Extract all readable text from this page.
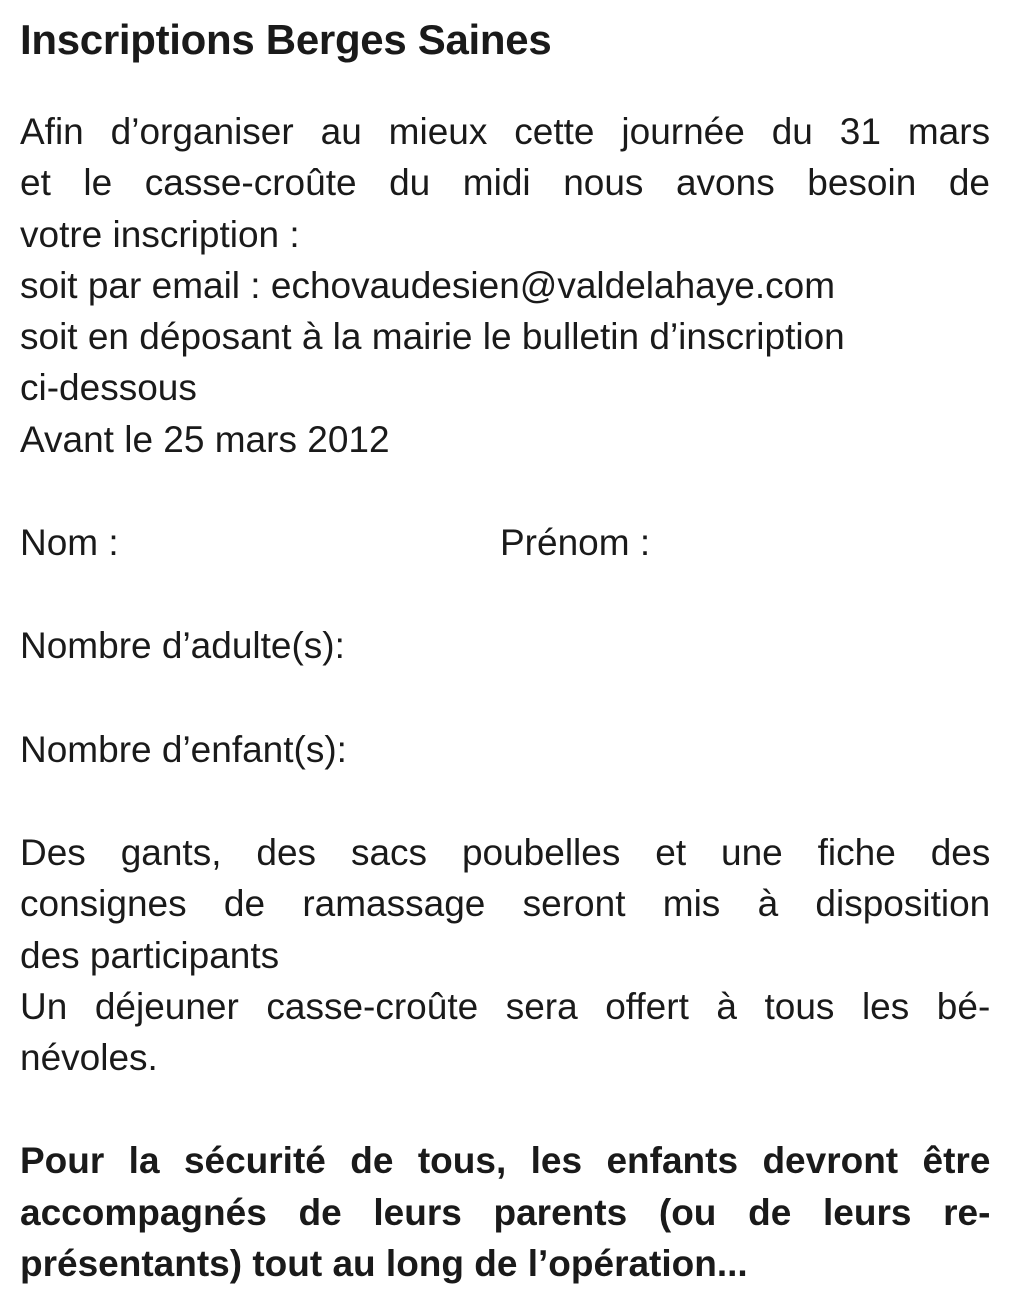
Inscriptions Berges Saines
Afin d’organiser au mieux cette journée du 31 mars
et le casse-croûte du midi nous avons besoin de
votre inscription :
soit par email : echovaudesien@valdelahaye.com
soit en déposant à la mairie le bulletin d’inscription
ci-dessous
Avant le 25 mars 2012
Nom :	Prénom :
Nombre d’adulte(s):
Nombre d’enfant(s):
Des gants, des sacs poubelles et une fiche des
consignes de ramassage seront mis à disposition
des participants
Un déjeuner casse-croûte sera offert à tous les bé-
névoles.
Pour la sécurité de tous, les enfants devront être
accompagnés de leurs parents (ou de leurs re-
présentants) tout au long de l’opération...
